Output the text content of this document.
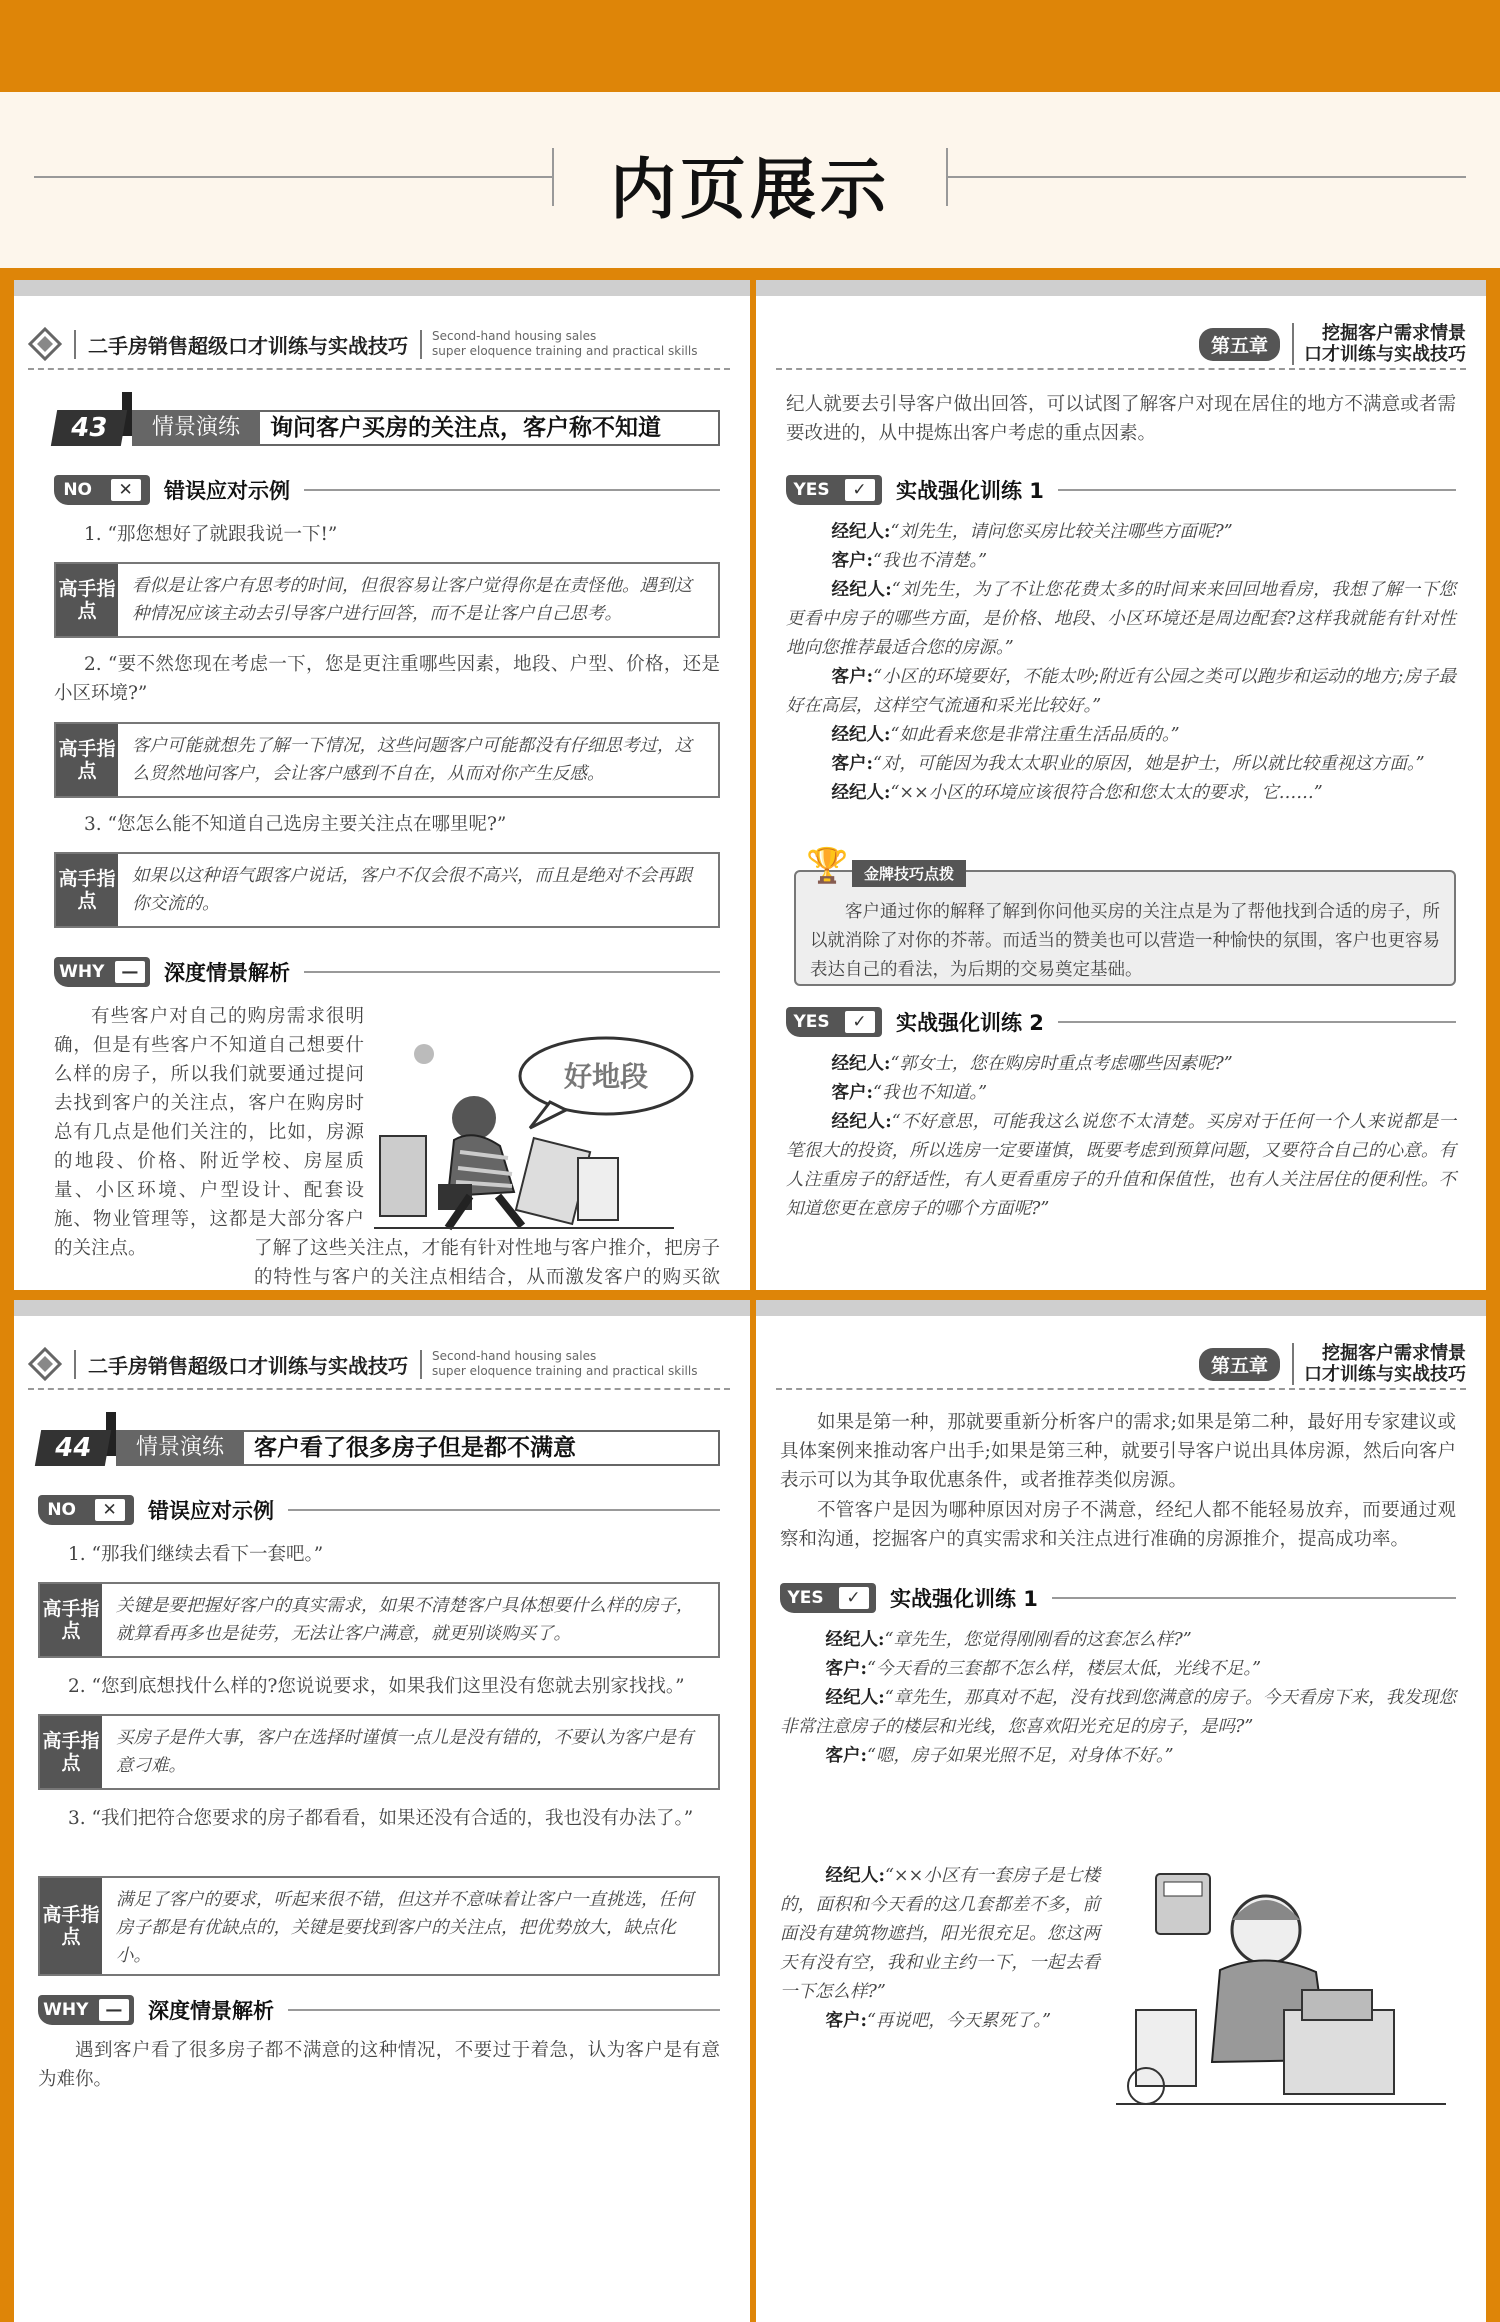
内页展示
二手房销售超级口才训练与实战技巧	Second-hand housing sales
super eloquence training and practical skills
43	情景演练	询问客户买房的关注点，客户称不知道
NO	✕	错误应对示例
1. “那您想好了就跟我说一下!”
高手指点
看似是让客户有思考的时间，但很容易让客户觉得你是在责怪他。遇到这种情况应该主动去引导客户进行回答，而不是让客户自己思考。
2. “要不然您现在考虑一下，您是更注重哪些因素，地段、户型、价格，还是小区环境?”
高手指点
客户可能就想先了解一下情况，这些问题客户可能都没有仔细思考过，这么贸然地问客户，会让客户感到不自在，从而对你产生反感。
3. “您怎么能不知道自己选房主要关注点在哪里呢?”
高手指点
如果以这种语气跟客户说话，客户不仅会很不高兴，而且是绝对不会再跟你交流的。
WHY —	深度情景解析
有些客户对自己的购房需求很明确，但是有些客户不知道自己想要什么样的房子，所以我们就要通过提问去找到客户的关注点，客户在购房时总有几点是他们关注的，比如，房源的地段、价格、附近学校、房屋质量、小区环境、户型设计、配套设施、物业管理等，这都是大部分客户的关注点。
好地段
了解了这些关注点，才能有针对性地与客户推介，把房子的特性与客户的关注点相结合，从而激发客户的购买欲
第五章
挖掘客户需求情景
口才训练与实战技巧
纪人就要去引导客户做出回答，可以试图了解客户对现在居住的地方不满意或者需要改进的，从中提炼出客户考虑的重点因素。
YES	✓	实战强化训练 1

经纪人:“刘先生，请问您买房比较关注哪些方面呢?”

客户:“我也不清楚。”

经纪人:“刘先生，为了不让您花费太多的时间来来回回地看房，我想了解一下您更看中房子的哪些方面，是价格、地段、小区环境还是周边配套?这样我就能有针对性地向您推荐最适合您的房源。”

客户:“小区的环境要好，不能太吵;附近有公园之类可以跑步和运动的地方;房子最好在高层，这样空气流通和采光比较好。”

经纪人:“如此看来您是非常注重生活品质的。”

客户:“对，可能因为我太太职业的原因，她是护士，所以就比较重视这方面。”

经纪人:“××小区的环境应该很符合您和您太太的要求，它……”

🏆	金牌技巧点拨
客户通过你的解释了解到你问他买房的关注点是为了帮他找到合适的房子，所以就消除了对你的芥蒂。而适当的赞美也可以营造一种愉快的氛围，客户也更容易表达自己的看法，为后期的交易奠定基础。
YES	✓	实战强化训练 2

经纪人:“郭女士，您在购房时重点考虑哪些因素呢?”

客户:“我也不知道。”

经纪人:“不好意思，可能我这么说您不太清楚。买房对于任何一个人来说都是一笔很大的投资，所以选房一定要谨慎，既要考虑到预算问题，又要符合自己的心意。有人注重房子的舒适性，有人更看重房子的升值和保值性，也有人关注居住的便利性。不知道您更在意房子的哪个方面呢?”

二手房销售超级口才训练与实战技巧	Second-hand housing sales
super eloquence training and practical skills
44	情景演练	客户看了很多房子但是都不满意
NO	✕	错误应对示例
1. “那我们继续去看下一套吧。”
高手指点
关键是要把握好客户的真实需求，如果不清楚客户具体想要什么样的房子，就算看再多也是徒劳，无法让客户满意，就更别谈购买了。
2. “您到底想找什么样的?您说说要求，如果我们这里没有您就去别家找找。”
高手指点
买房子是件大事，客户在选择时谨慎一点儿是没有错的，不要认为客户是有意刁难。
3. “我们把符合您要求的房子都看看，如果还没有合适的，我也没有办法了。”
高手指点
满足了客户的要求，听起来很不错，但这并不意味着让客户一直挑选，任何房子都是有优缺点的，关键是要找到客户的关注点，把优势放大，缺点化小。
WHY —	深度情景解析
遇到客户看了很多房子都不满意的这种情况，不要过于着急，认为客户是有意为难你。
第五章
挖掘客户需求情景
口才训练与实战技巧
如果是第一种，那就要重新分析客户的需求;如果是第二种，最好用专家建议或具体案例来推动客户出手;如果是第三种，就要引导客户说出具体房源，然后向客户表示可以为其争取优惠条件，或者推荐类似房源。
不管客户是因为哪种原因对房子不满意，经纪人都不能轻易放弃，而要通过观察和沟通，挖掘客户的真实需求和关注点进行准确的房源推介，提高成功率。
YES	✓	实战强化训练 1

经纪人:“章先生，您觉得刚刚看的这套怎么样?”

客户:“今天看的三套都不怎么样，楼层太低，光线不足。”

经纪人:“章先生，那真对不起，没有找到您满意的房子。今天看房下来，我发现您非常注意房子的楼层和光线，您喜欢阳光充足的房子，是吗?”

客户:“嗯，房子如果光照不足，对身体不好。”

经纪人:“××小区有一套房子是七楼的，面积和今天看的这几套都差不多，前面没有建筑物遮挡，阳光很充足。您这两天有没有空，我和业主约一下，一起去看一下怎么样?”

客户:“再说吧，今天累死了。”
